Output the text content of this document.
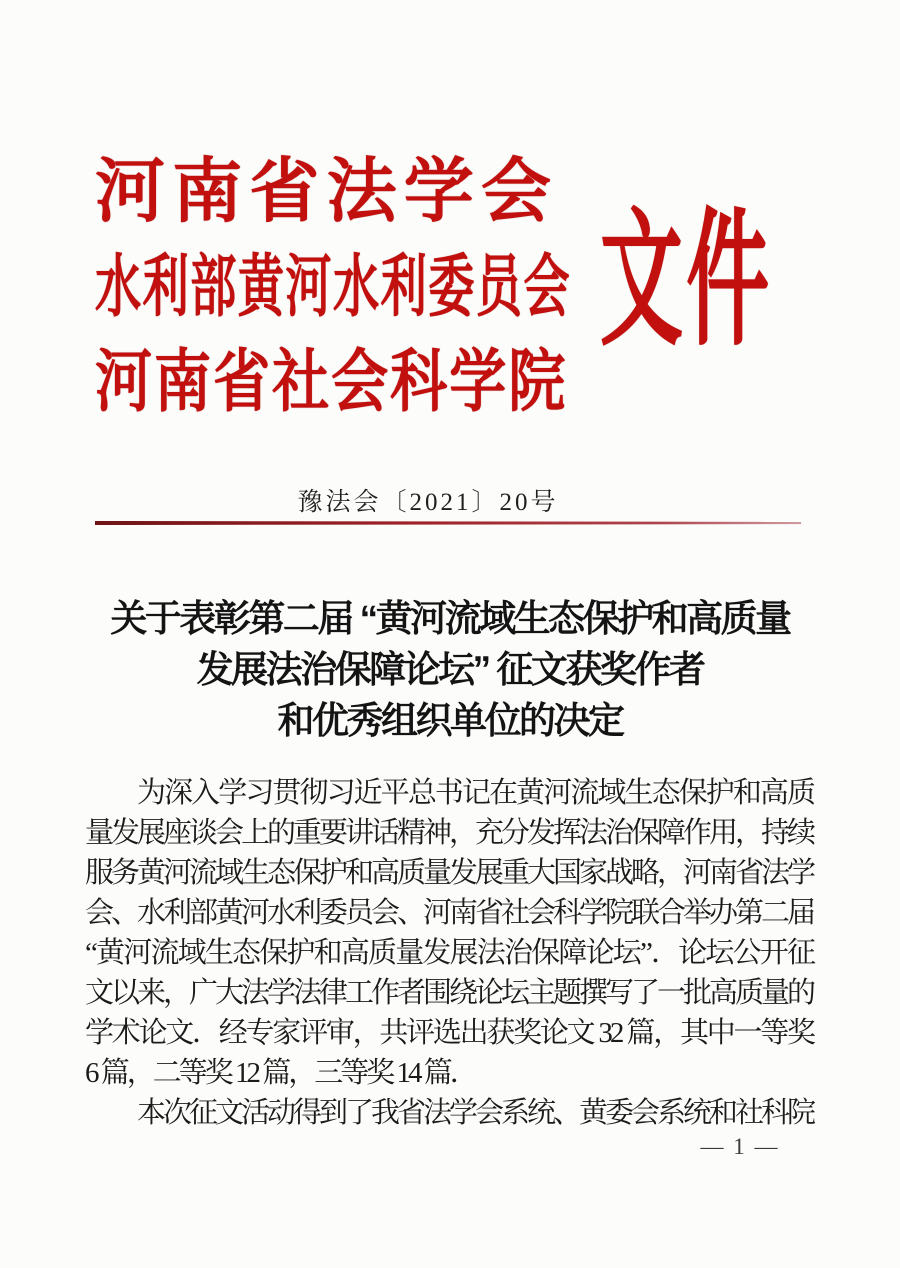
河 南 省 法 学 会
水 利 部 黄 河 水 利 委 员 会
河 南 省 社 会 科 学 院
文件
豫法会〔2021〕20号
关于表彰第二届 “黄河流域生态保护和高质量
发展法治保障论坛” 征文获奖作者
和优秀组织单位的决定
为深入学习贯彻习近平总书记在黄河流域生态保护和高质
量发展座谈会上的重要讲话精神，充分发挥法治保障作用，持续
服务黄河流域生态保护和高质量发展重大国家战略，河南省法学
会、水利部黄河水利委员会、河南省社会科学院联合举办第二届
“黄河流域生态保护和高质量发展法治保障论坛”．论坛公开征
文以来，广大法学法律工作者围绕论坛主题撰写了一批高质量的
学术论文．经专家评审，共评选出获奖论文 32 篇，其中一等奖
6 篇，二等奖 12 篇，三等奖 14 篇．
本次征文活动得到了我省法学会系统、黄委会系统和社科院
— 1 —
